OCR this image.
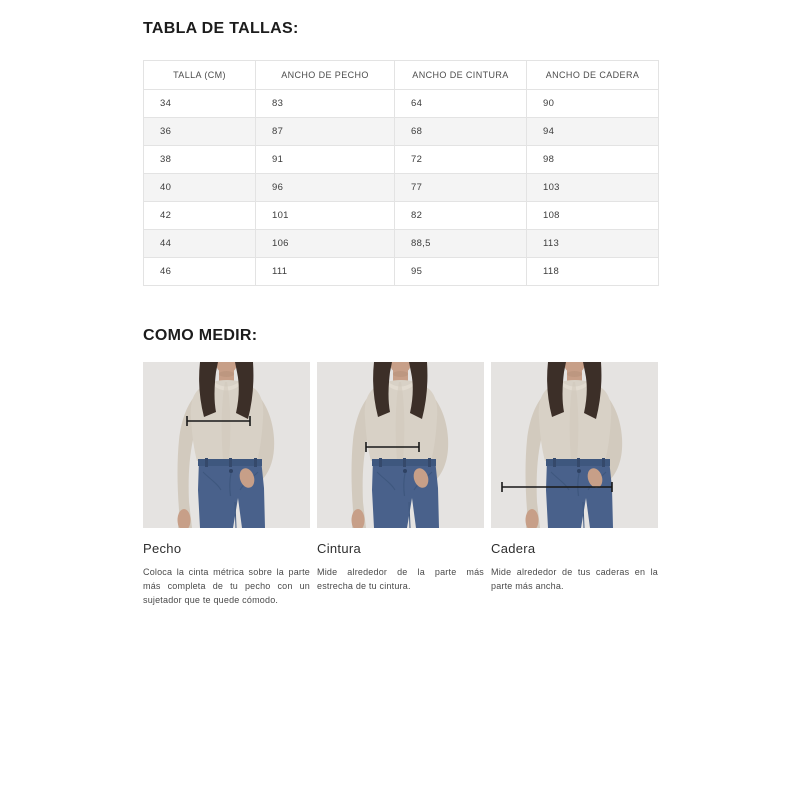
TABLA DE TALLAS:
TALLA (CM)	ANCHO DE PECHO	ANCHO DE CINTURA	ANCHO DE CADERA
34	83	64	90
36	87	68	94
38	91	72	98
40	96	77	103
42	101	82	108
44	106	88,5	113
46	111	95	118
COMO MEDIR:
Pecho

Coloca la cinta métrica sobre la parte más completa de tu pecho con un sujetador que te quede cómodo.

Cintura

Mide alrededor de la parte más estrecha de tu cintura.

Cadera

Mide alrededor de tus caderas en la parte más ancha.
